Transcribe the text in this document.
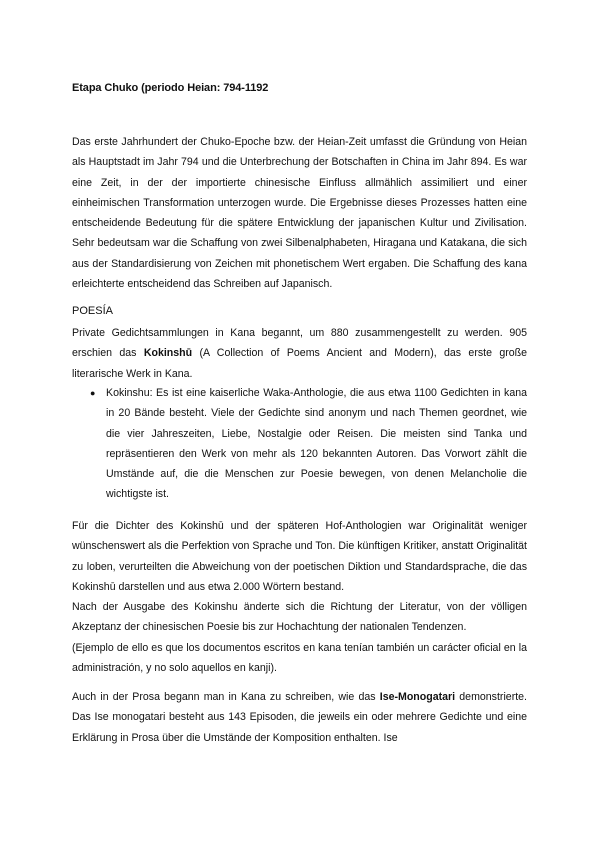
Etapa Chuko (periodo Heian: 794-1192
Das erste Jahrhundert der Chuko-Epoche bzw. der Heian-Zeit umfasst die Gründung von Heian als Hauptstadt im Jahr 794 und die Unterbrechung der Botschaften in China im Jahr 894. Es war eine Zeit, in der der importierte chinesische Einfluss allmählich assimiliert und einer einheimischen Transformation unterzogen wurde. Die Ergebnisse dieses Prozesses hatten eine entscheidende Bedeutung für die spätere Entwicklung der japanischen Kultur und Zivilisation. Sehr bedeutsam war die Schaffung von zwei Silbenalphabeten, Hiragana und Katakana, die sich aus der Standardisierung von Zeichen mit phonetischem Wert ergaben. Die Schaffung des kana erleichterte entscheidend das Schreiben auf Japanisch.
POESÍA
Private Gedichtsammlungen in Kana begannt, um 880 zusammengestellt zu werden. 905 erschien das Kokinshū (A Collection of Poems Ancient and Modern), das erste große literarische Werk in Kana.
● Kokinshu: Es ist eine kaiserliche Waka-Anthologie, die aus etwa 1100 Gedichten in kana in 20 Bände besteht. Viele der Gedichte sind anonym und nach Themen geordnet, wie die vier Jahreszeiten, Liebe, Nostalgie oder Reisen. Die meisten sind Tanka und repräsentieren den Werk von mehr als 120 bekannten Autoren. Das Vorwort zählt die Umstände auf, die die Menschen zur Poesie bewegen, von denen Melancholie die wichtigste ist.
Für die Dichter des Kokinshū und der späteren Hof-Anthologien war Originalität weniger wünschenswert als die Perfektion von Sprache und Ton. Die künftigen Kritiker, anstatt Originalität zu loben, verurteilten die Abweichung von der poetischen Diktion und Standardsprache, die das Kokinshū darstellen und aus etwa 2.000 Wörtern bestand.
Nach der Ausgabe des Kokinshu änderte sich die Richtung der Literatur, von der völligen Akzeptanz der chinesischen Poesie bis zur Hochachtung der nationalen Tendenzen.
(Ejemplo de ello es que los documentos escritos en kana tenían también un carácter oficial en la administración, y no solo aquellos en kanji).
Auch in der Prosa begann man in Kana zu schreiben, wie das Ise-Monogatari demonstrierte. Das Ise monogatari besteht aus 143 Episoden, die jeweils ein oder mehrere Gedichte und eine Erklärung in Prosa über die Umstände der Komposition enthalten. Ise
